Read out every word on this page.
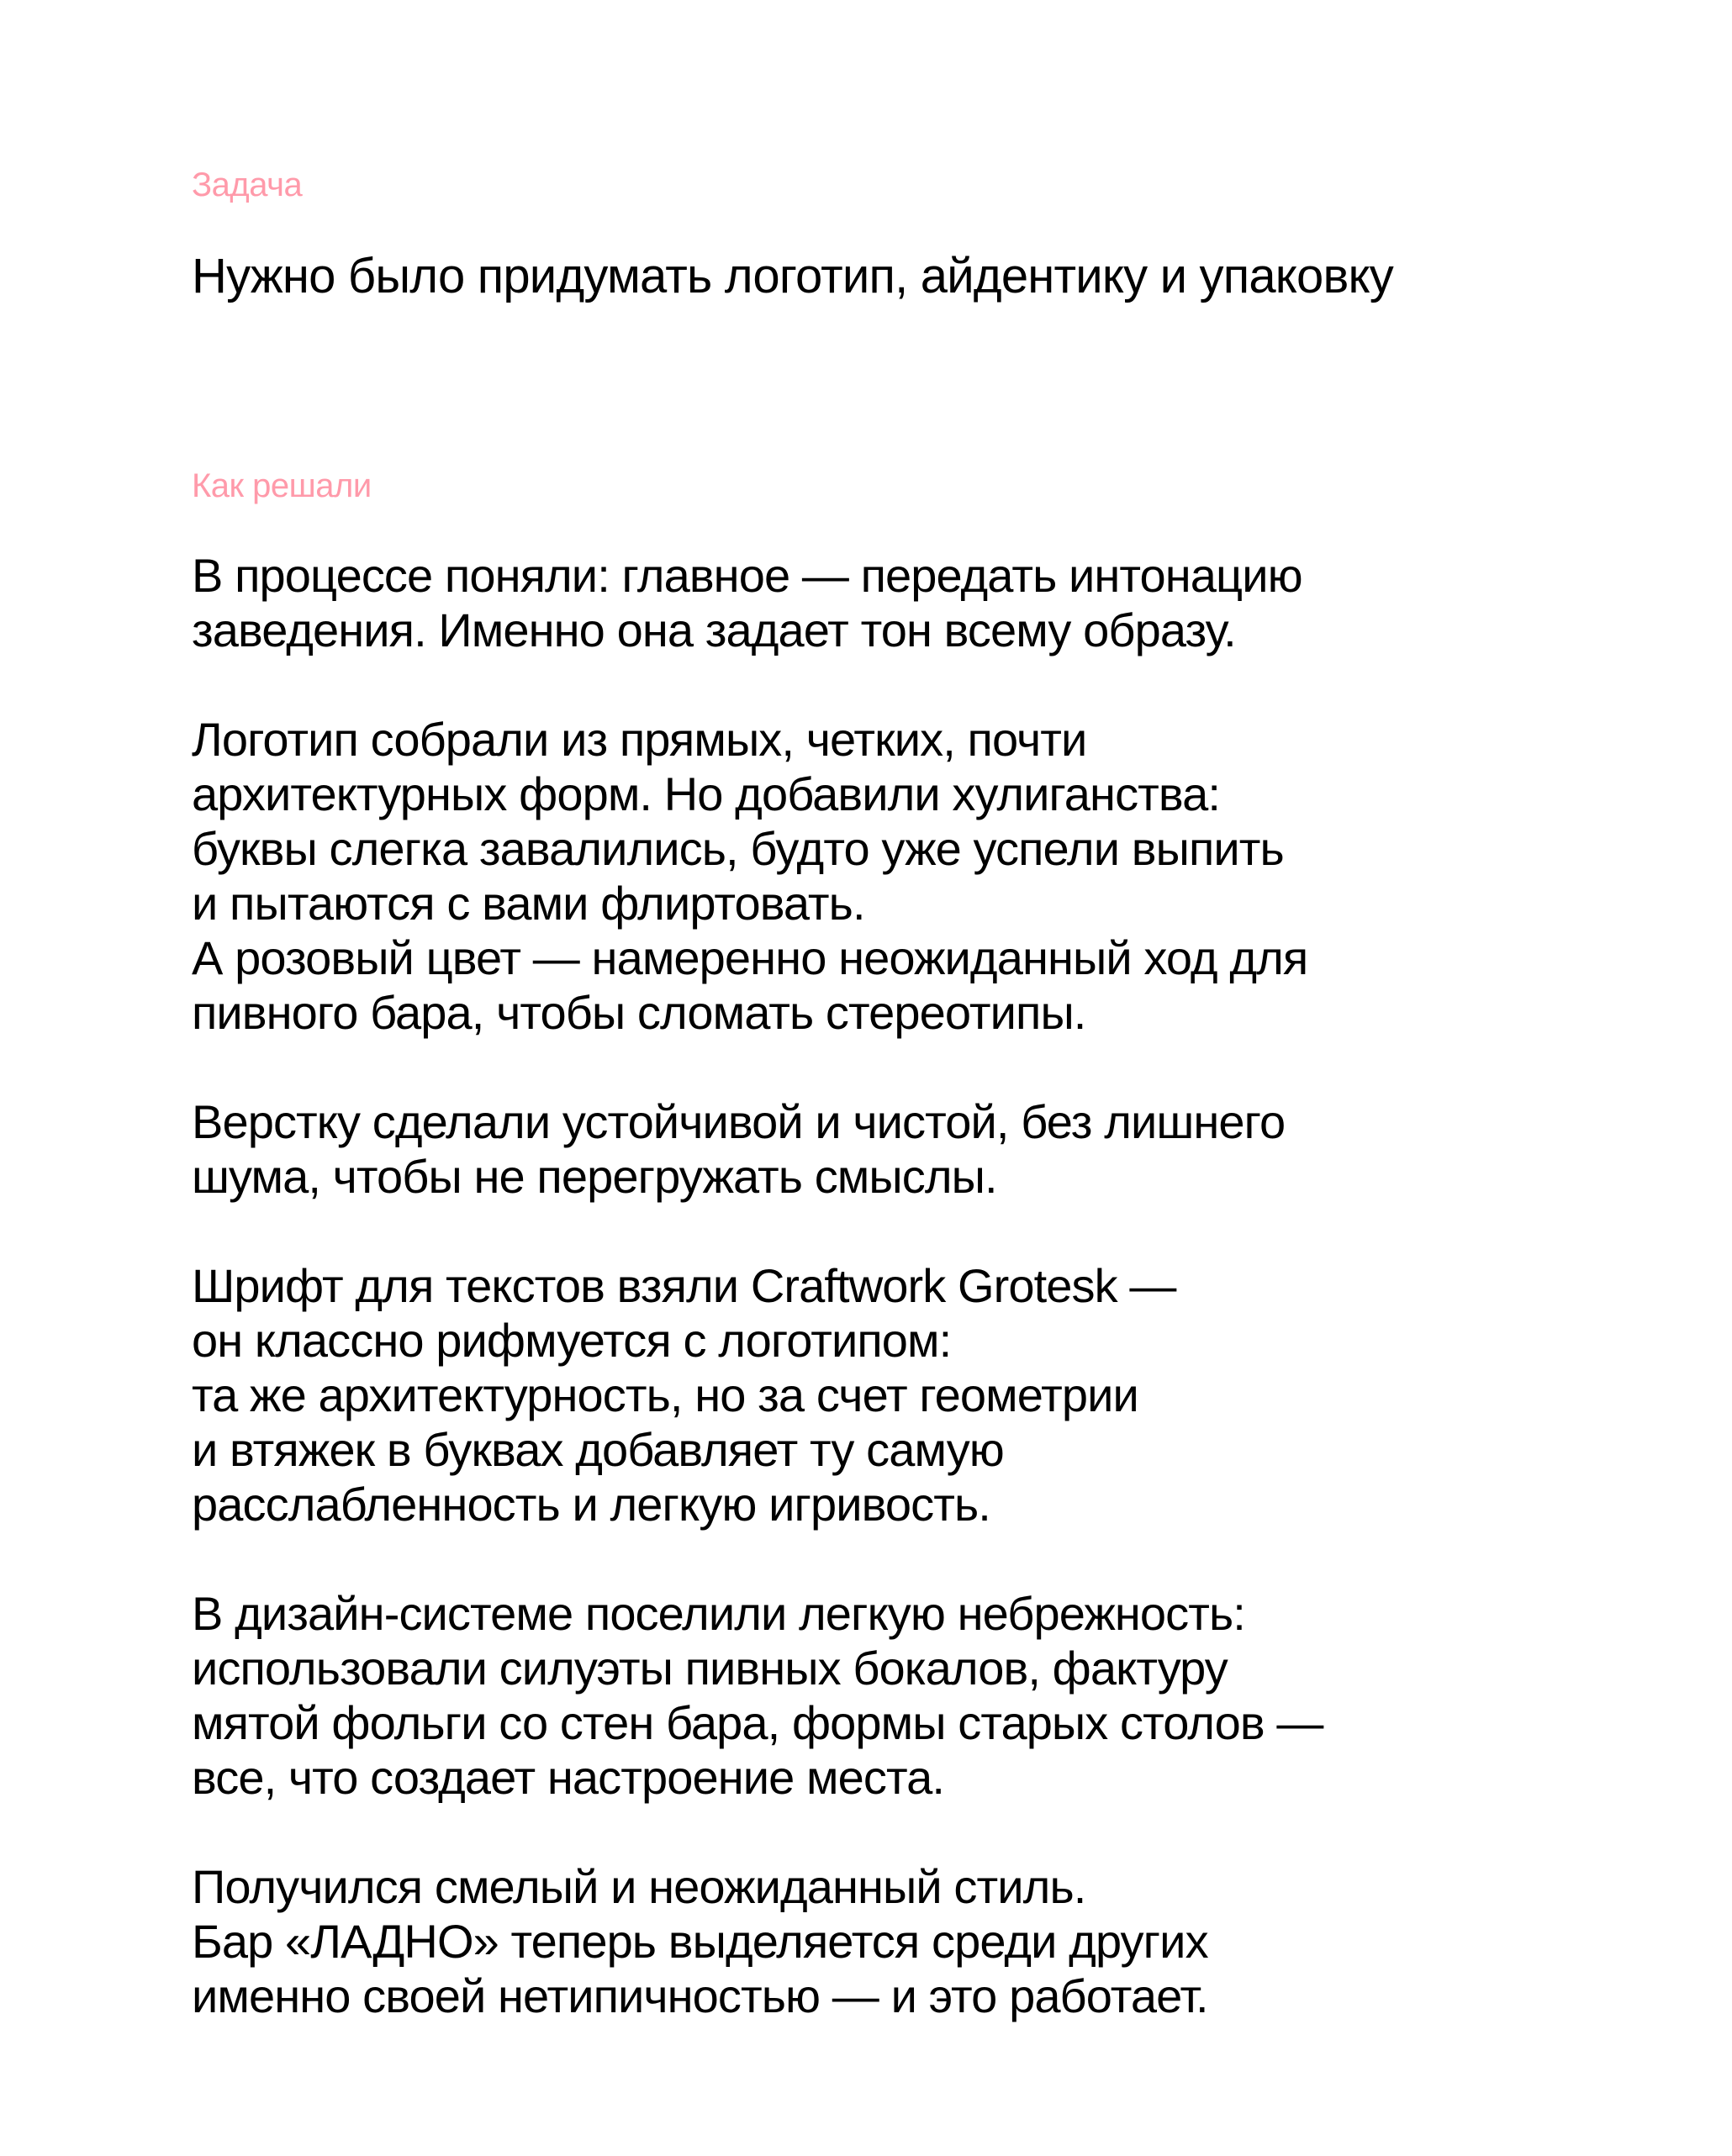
Задача

Нужно было придумать логотип, айдентику и упаковку

Как решали

В процессе поняли: главное — передать интонацию
заведения. Именно она задает тон всему образу.

Логотип собрали из прямых, четких, почти
архитектурных форм. Но добавили хулиганства:
буквы слегка завалились, будто уже успели выпить
и пытаются с вами флиртовать.
А розовый цвет — намеренно неожиданный ход для
пивного бара, чтобы сломать стереотипы.

Верстку сделали устойчивой и чистой, без лишнего
шума, чтобы не перегружать смыслы.

Шрифт для текстов взяли Craftwork Grotesk —
он классно рифмуется с логотипом:
та же архитектурность, но за счет геометрии
и втяжек в буквах добавляет ту самую
расслабленность и легкую игривость.

В дизайн-системе поселили легкую небрежность:
использовали силуэты пивных бокалов, фактуру
мятой фольги со стен бара, формы старых столов —
все, что создает настроение места.

Получился смелый и неожиданный стиль.
Бар «ЛАДНО» теперь выделяется среди других
именно своей нетипичностью — и это работает.
